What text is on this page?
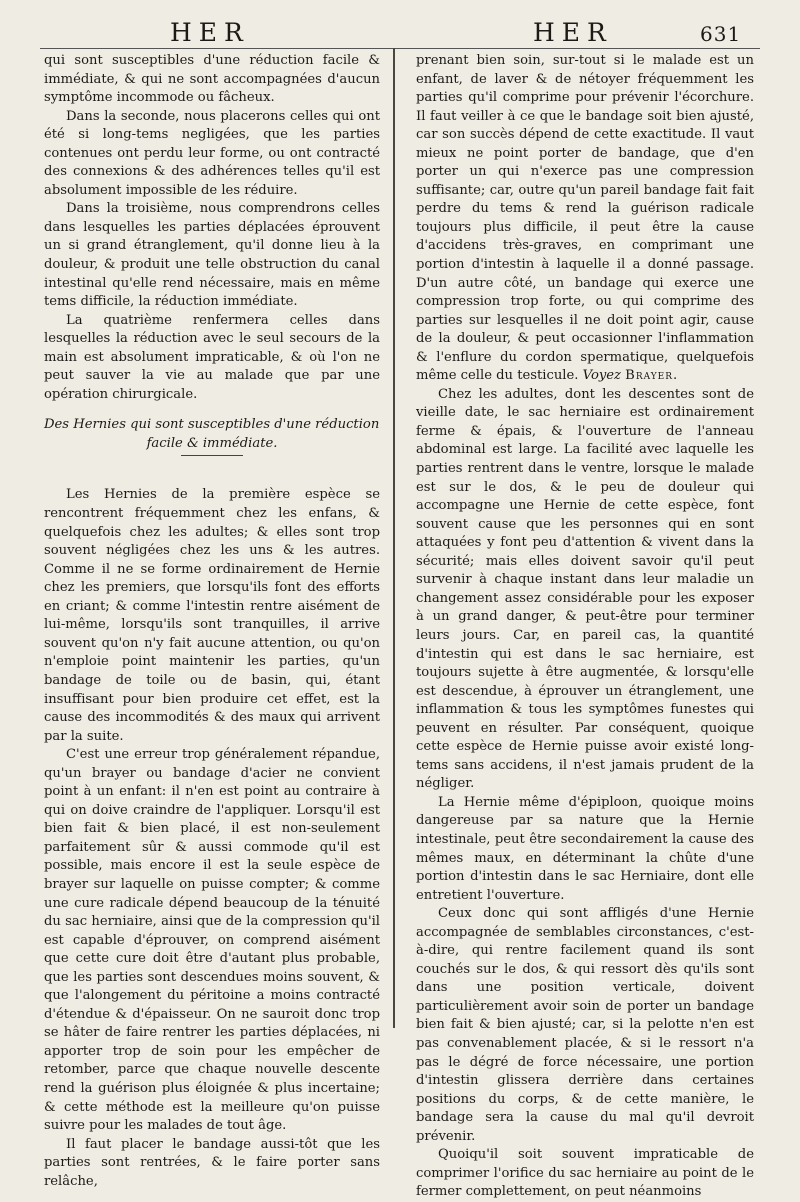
HER	HER	631

qui sont susceptibles d'une réduction facile & immédiate, & qui ne sont accompagnées d'aucun symptôme incommode ou fâcheux.

Dans la seconde, nous placerons celles qui ont été si long-tems negligées, que les parties contenues ont perdu leur forme, ou ont contracté des connexions & des adhérences telles qu'il est absolument impossible de les réduire.

Dans la troisième, nous comprendrons celles dans lesquelles les parties déplacées éprouvent un si grand étranglement, qu'il donne lieu à la douleur, & produit une telle obstruction du canal intestinal qu'elle rend nécessaire, mais en même tems difficile, la réduction immédiate.

La quatrième renfermera celles dans lesquelles la réduction avec le seul secours de la main est absolument impraticable, & où l'on ne peut sauver la vie au malade que par une opération chirurgicale.

Des Hernies qui sont susceptibles d'une réduction
facile & immédiate.

Les Hernies de la première espèce se rencontrent fréquemment chez les enfans, & quelquefois chez les adultes; & elles sont trop souvent négligées chez les uns & les autres. Comme il ne se forme ordinairement de Hernie chez les premiers, que lorsqu'ils font des efforts en criant; & comme l'intestin rentre aisément de lui-même, lorsqu'ils sont tranquilles, il arrive souvent qu'on n'y fait aucune attention, ou qu'on n'emploie point maintenir les parties, qu'un bandage de toile ou de basin, qui, étant insuffisant pour bien produire cet effet, est la cause des incommodités & des maux qui arrivent par la suite.

C'est une erreur trop généralement répandue, qu'un brayer ou bandage d'acier ne convient point à un enfant: il n'en est point au contraire à qui on doive craindre de l'appliquer. Lorsqu'il est bien fait & bien placé, il est non-seulement parfaitement sûr & aussi commode qu'il est possible, mais encore il est la seule espèce de brayer sur laquelle on puisse compter; & comme une cure radicale dépend beaucoup de la ténuité du sac herniaire, ainsi que de la compression qu'il est capable d'éprouver, on comprend aisément que cette cure doit être d'autant plus probable, que les parties sont descendues moins souvent, & que l'alongement du péritoine a moins contracté d'étendue & d'épaisseur. On ne sauroit donc trop se hâter de faire rentrer les parties déplacées, ni apporter trop de soin pour les empêcher de retomber, parce que chaque nouvelle descente rend la guérison plus éloignée & plus incertaine; & cette méthode est la meilleure qu'on puisse suivre pour les malades de tout âge.

Il faut placer le bandage aussi-tôt que les parties sont rentrées, & le faire porter sans relâche,

prenant bien soin, sur-tout si le malade est un enfant, de laver & de nétoyer fréquemment les parties qu'il comprime pour prévenir l'écorchure. Il faut veiller à ce que le bandage soit bien ajusté, car son succès dépend de cette exactitude. Il vaut mieux ne point porter de bandage, que d'en porter un qui n'exerce pas une compression suffisante; car, outre qu'un pareil bandage fait fait perdre du tems & rend la guérison radicale toujours plus difficile, il peut être la cause d'accidens très-graves, en comprimant une portion d'intestin à laquelle il a donné passage. D'un autre côté, un bandage qui exerce une compression trop forte, ou qui comprime des parties sur lesquelles il ne doit point agir, cause de la douleur, & peut occasionner l'inflammation & l'enflure du cordon spermatique, quelquefois même celle du testicule. Voyez Brayer.

Chez les adultes, dont les descentes sont de vieille date, le sac herniaire est ordinairement ferme & épais, & l'ouverture de l'anneau abdominal est large. La facilité avec laquelle les parties rentrent dans le ventre, lorsque le malade est sur le dos, & le peu de douleur qui accompagne une Hernie de cette espèce, font souvent cause que les personnes qui en sont attaquées y font peu d'attention & vivent dans la sécurité; mais elles doivent savoir qu'il peut survenir à chaque instant dans leur maladie un changement assez considérable pour les exposer à un grand danger, & peut-être pour terminer leurs jours. Car, en pareil cas, la quantité d'intestin qui est dans le sac herniaire, est toujours sujette à être augmentée, & lorsqu'elle est descendue, à éprouver un étranglement, une inflammation & tous les symptômes funestes qui peuvent en résulter. Par conséquent, quoique cette espèce de Hernie puisse avoir existé long-tems sans accidens, il n'est jamais prudent de la négliger.

La Hernie même d'épiploon, quoique moins dangereuse par sa nature que la Hernie intestinale, peut être secondairement la cause des mêmes maux, en déterminant la chûte d'une portion d'intestin dans le sac Herniaire, dont elle entretient l'ouverture.

Ceux donc qui sont affligés d'une Hernie accompagnée de semblables circonstances, c'est-à-dire, qui rentre facilement quand ils sont couchés sur le dos, & qui ressort dès qu'ils sont dans une position verticale, doivent particulièrement avoir soin de porter un bandage bien fait & bien ajusté; car, si la pelotte n'en est pas convenablement placée, & si le ressort n'a pas le dégré de force nécessaire, une portion d'intestin glissera derrière dans certaines positions du corps, & de cette manière, le bandage sera la cause du mal qu'il devroit prévenir.

Quoiqu'il soit souvent impraticable de comprimer l'orifice du sac herniaire au point de le fermer complettement, on peut néanmoins
